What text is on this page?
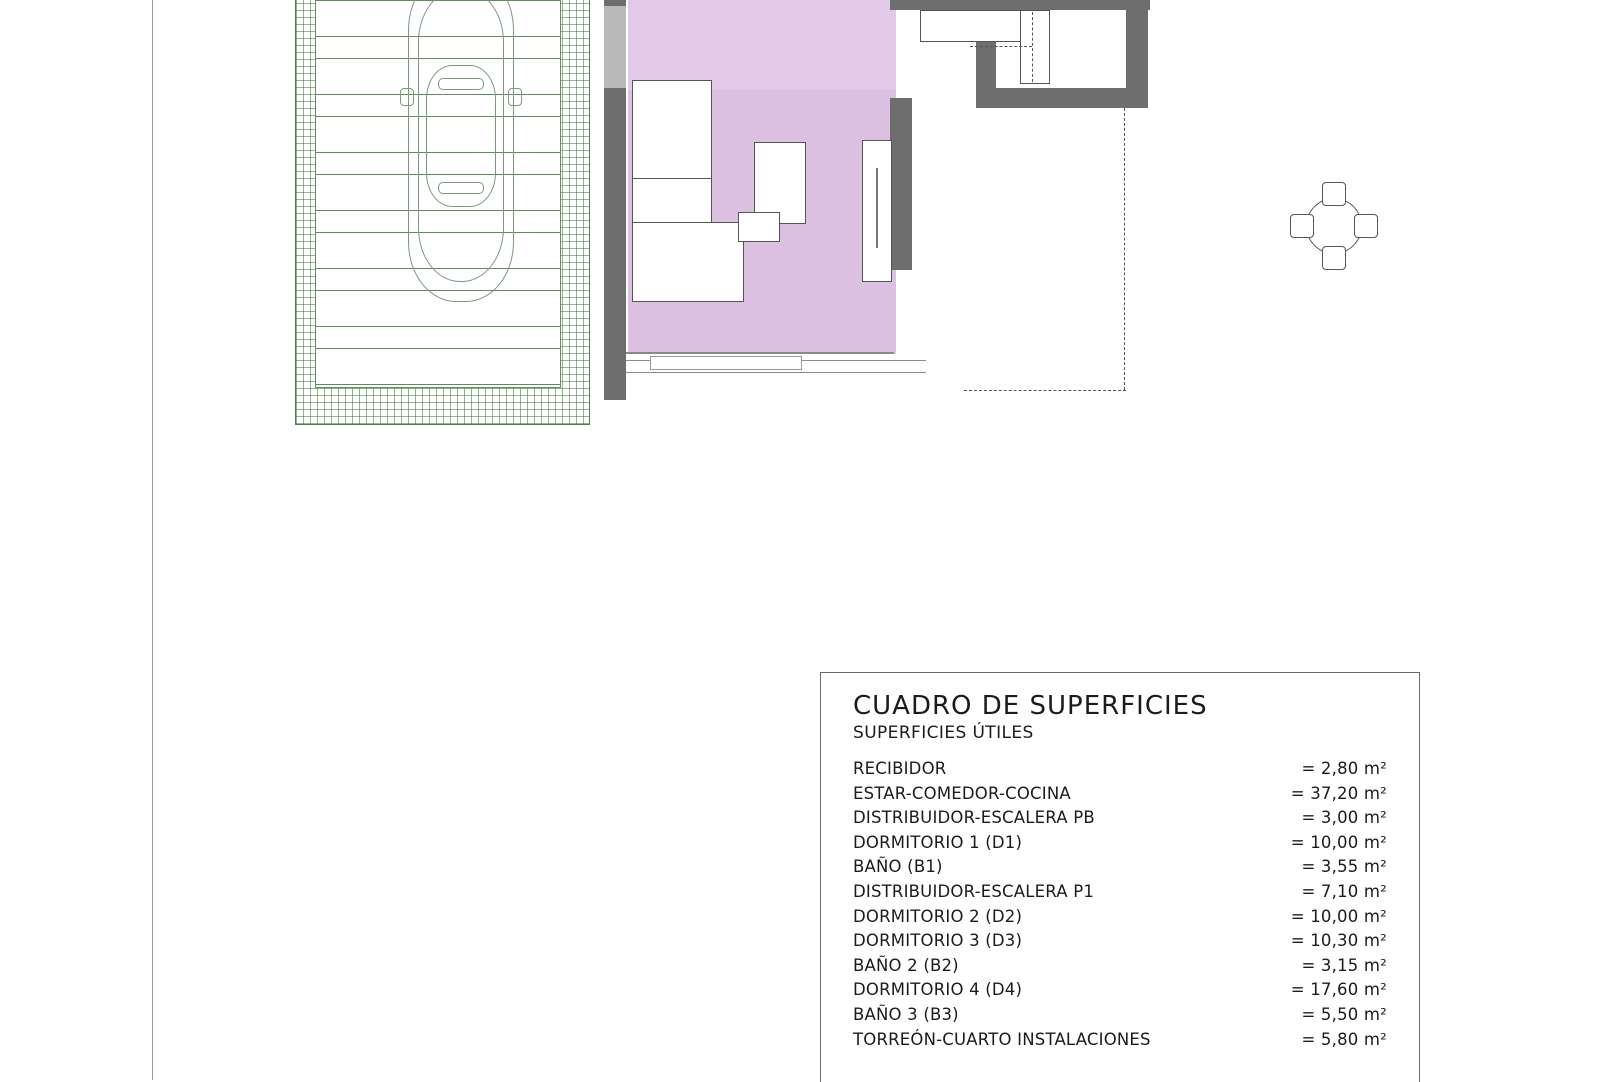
CUADRO DE SUPERFICIES
SUPERFICIES ÚTILES
RECIBIDOR	= 2,80 m²
ESTAR-COMEDOR-COCINA	= 37,20 m²
DISTRIBUIDOR-ESCALERA PB	= 3,00 m²
DORMITORIO 1 (D1)	= 10,00 m²
BAÑO (B1)	= 3,55 m²
DISTRIBUIDOR-ESCALERA P1	= 7,10 m²
DORMITORIO 2 (D2)	= 10,00 m²
DORMITORIO 3 (D3)	= 10,30 m²
BAÑO 2 (B2)	= 3,15 m²
DORMITORIO 4 (D4)	= 17,60 m²
BAÑO 3 (B3)	= 5,50 m²
TORREÓN-CUARTO INSTALACIONES	= 5,80 m²
